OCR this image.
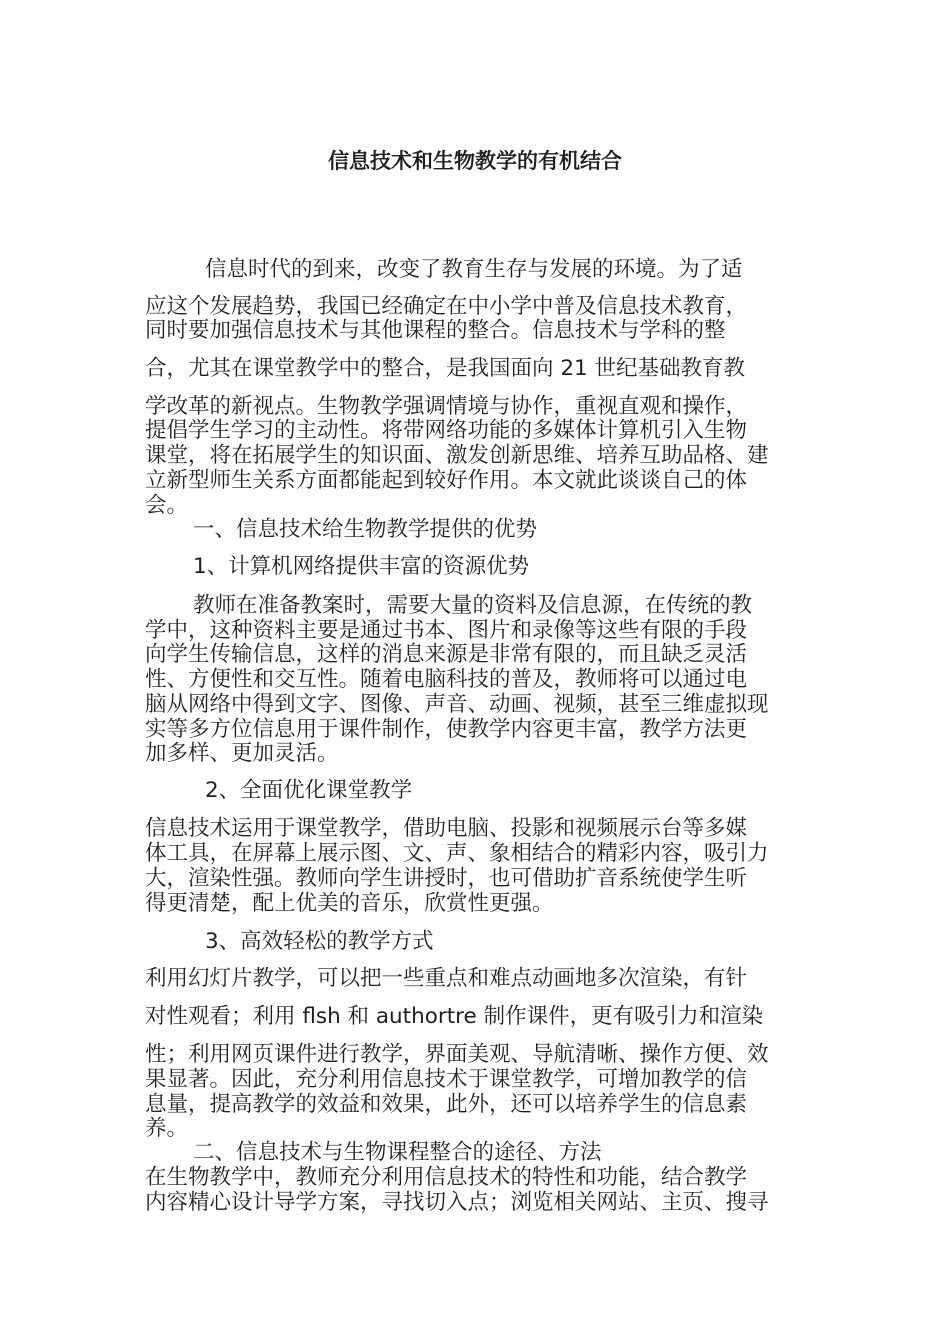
信息技术和生物教学的有机结合
信息时代的到来，改变了教育生存与发展的环境。为了适
应这个发展趋势，我国已经确定在中小学中普及信息技术教育，
同时要加强信息技术与其他课程的整合。信息技术与学科的整
合，尤其在课堂教学中的整合，是我国面向 21 世纪基础教育教
学改革的新视点。生物教学强调情境与协作，重视直观和操作，
提倡学生学习的主动性。将带网络功能的多媒体计算机引入生物
课堂，将在拓展学生的知识面、激发创新思维、培养互助品格、建
立新型师生关系方面都能起到较好作用。本文就此谈谈自己的体
会。
一、信息技术给生物教学提供的优势
1、计算机网络提供丰富的资源优势
教师在准备教案时，需要大量的资料及信息源，在传统的教
学中，这种资料主要是通过书本、图片和录像等这些有限的手段
向学生传输信息，这样的消息来源是非常有限的，而且缺乏灵活
性、方便性和交互性。随着电脑科技的普及，教师将可以通过电
脑从网络中得到文字、图像、声音、动画、视频，甚至三维虚拟现
实等多方位信息用于课件制作，使教学内容更丰富，教学方法更
加多样、更加灵活。
2、全面优化课堂教学
信息技术运用于课堂教学，借助电脑、投影和视频展示台等多媒
体工具，在屏幕上展示图、文、声、象相结合的精彩内容，吸引力
大，渲染性强。教师向学生讲授时，也可借助扩音系统使学生听
得更清楚，配上优美的音乐，欣赏性更强。
3、高效轻松的教学方式
利用幻灯片教学，可以把一些重点和难点动画地多次渲染，有针
对性观看；利用 flsh 和 authortre 制作课件，更有吸引力和渲染
性；利用网页课件进行教学，界面美观、导航清晰、操作方便、效
果显著。因此，充分利用信息技术于课堂教学，可增加教学的信
息量，提高教学的效益和效果，此外，还可以培养学生的信息素
养。
二、信息技术与生物课程整合的途径、方法
在生物教学中，教师充分利用信息技术的特性和功能，结合教学
内容精心设计导学方案，寻找切入点；浏览相关网站、主页、搜寻
